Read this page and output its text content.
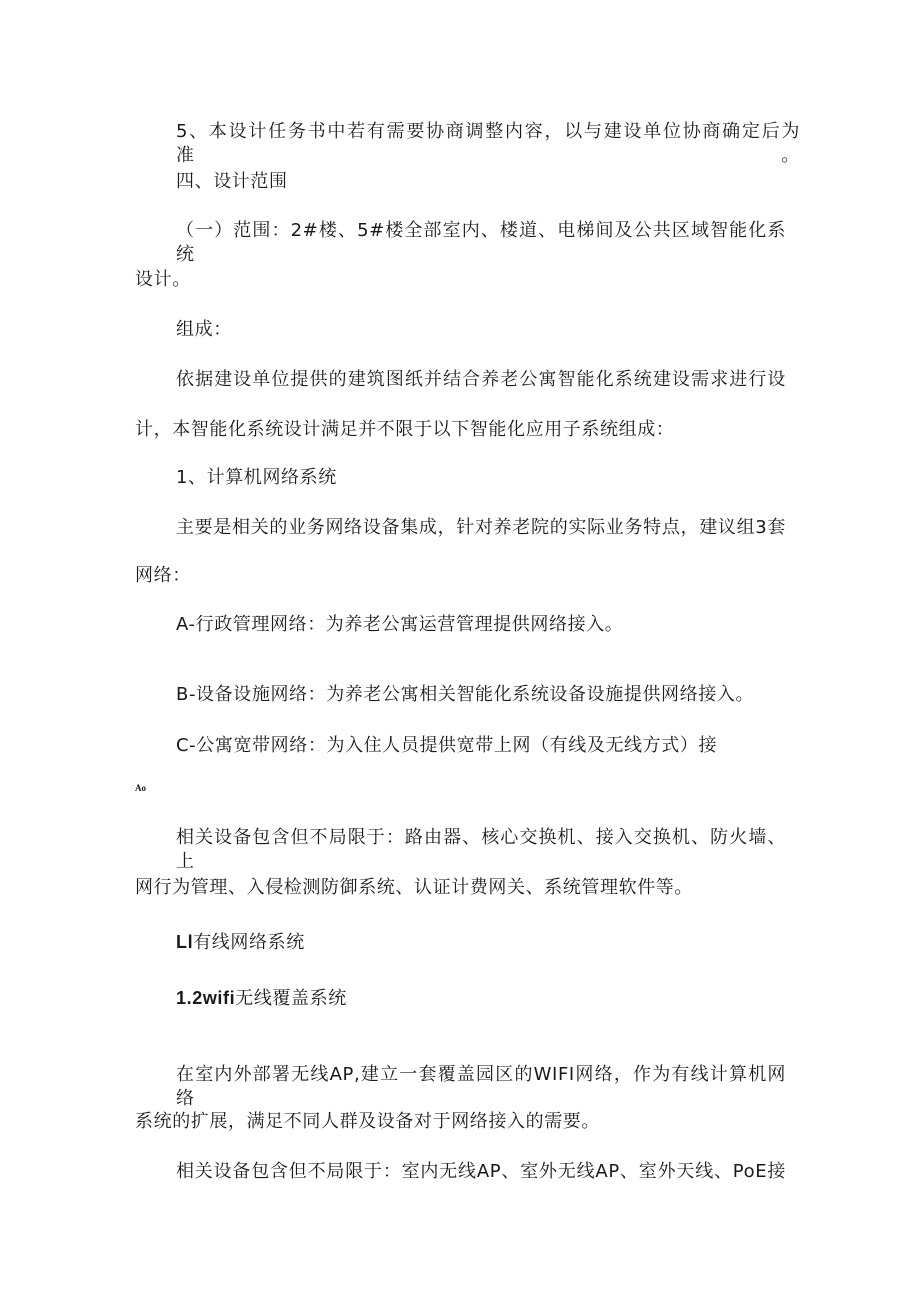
5、本设计任务书中若有需要协商调整内容，以与建设单位协商确定后为准。
四、设计范围
（一）范围：2#楼、5#楼全部室内、楼道、电梯间及公共区域智能化系统
设计。
组成：
依据建设单位提供的建筑图纸并结合养老公寓智能化系统建设需求进行设
计，本智能化系统设计满足并不限于以下智能化应用子系统组成：
1、计算机网络系统
主要是相关的业务网络设备集成，针对养老院的实际业务特点，建议组3套
网络：
A-行政管理网络：为养老公寓运营管理提供网络接入。
B-设备设施网络：为养老公寓相关智能化系统设备设施提供网络接入。
C-公寓宽带网络：为入住人员提供宽带上网（有线及无线方式）接
Ao
相关设备包含但不局限于：路由器、核心交换机、接入交换机、防火墙、上
网行为管理、入侵检测防御系统、认证计费网关、系统管理软件等。
Ll有线网络系统
1.2wifi无线覆盖系统
在室内外部署无线AP,建立一套覆盖园区的WIFI网络，作为有线计算机网络
系统的扩展，满足不同人群及设备对于网络接入的需要。
相关设备包含但不局限于：室内无线AP、室外无线AP、室外天线、PoE接
